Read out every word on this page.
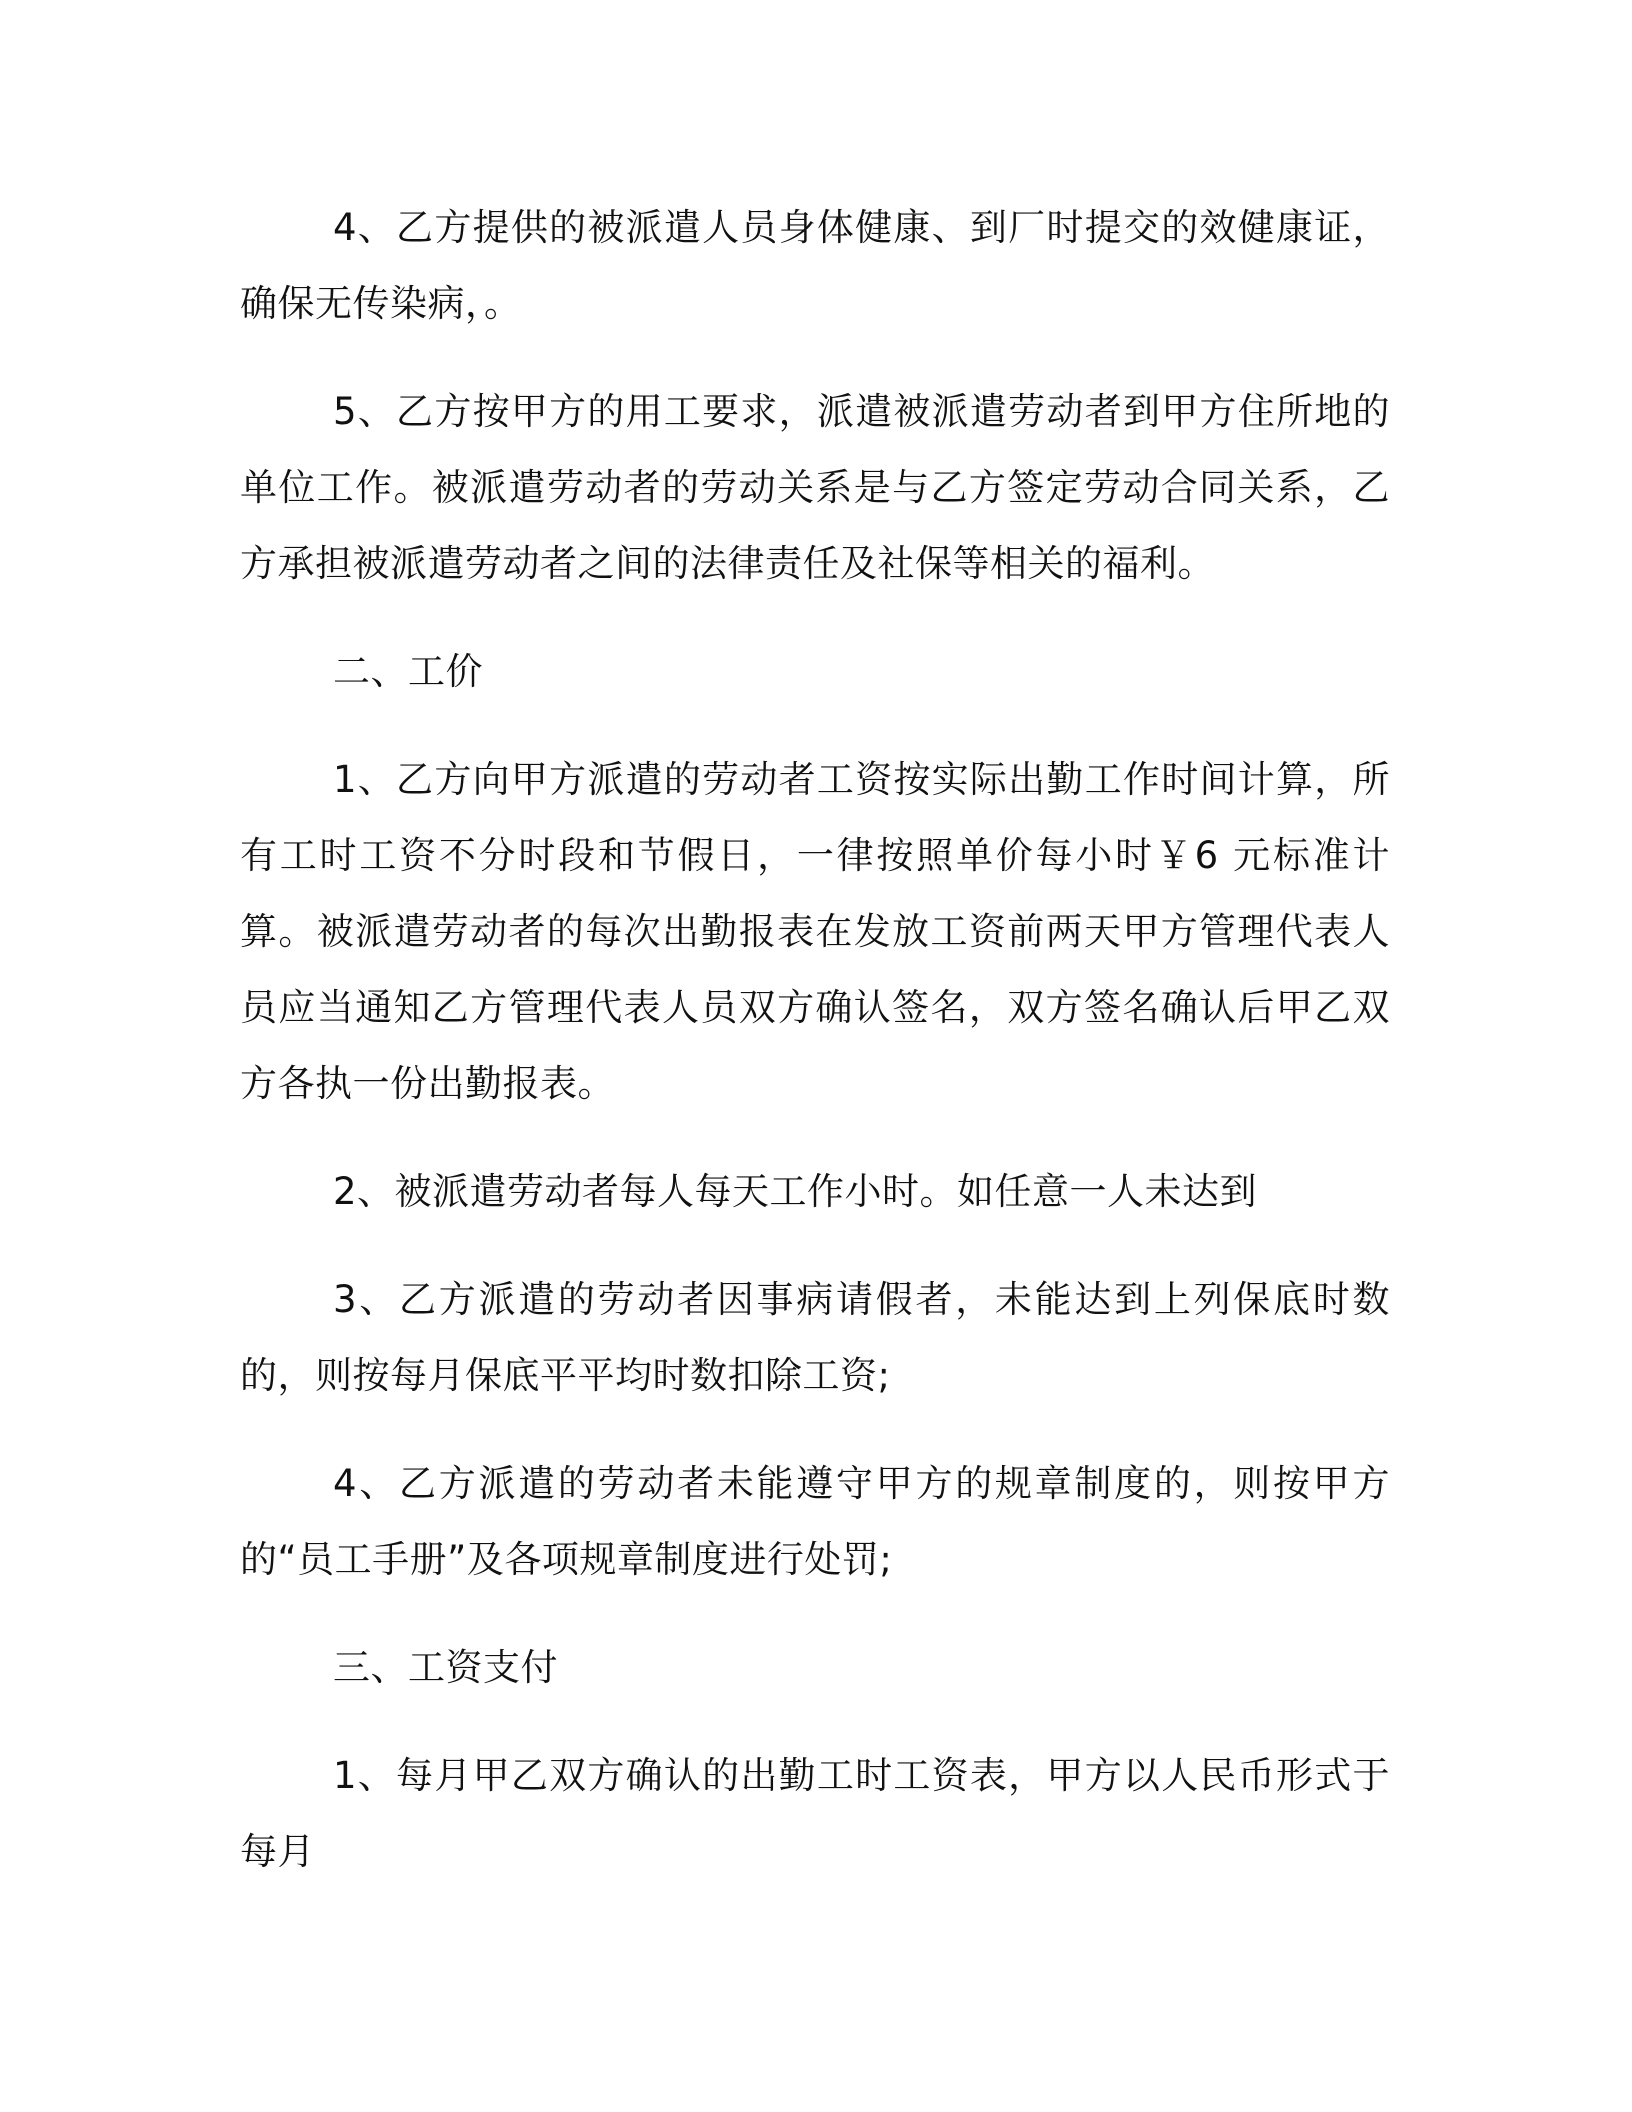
4、乙方提供的被派遣人员身体健康、到厂时提交的效健康证，确保无传染病，。

5、乙方按甲方的用工要求，派遣被派遣劳动者到甲方住所地的单位工作。被派遣劳动者的劳动关系是与乙方签定劳动合同关系，乙方承担被派遣劳动者之间的法律责任及社保等相关的福利。

二、工价

1、乙方向甲方派遣的劳动者工资按实际出勤工作时间计算，所有工时工资不分时段和节假日，一律按照单价每小时￥6 元标准计算。被派遣劳动者的每次出勤报表在发放工资前两天甲方管理代表人员应当通知乙方管理代表人员双方确认签名，双方签名确认后甲乙双方各执一份出勤报表。

2、被派遣劳动者每人每天工作小时。如任意一人未达到

3、乙方派遣的劳动者因事病请假者，未能达到上列保底时数的，则按每月保底平平均时数扣除工资;

4、乙方派遣的劳动者未能遵守甲方的规章制度的，则按甲方的“员工手册”及各项规章制度进行处罚;

三、工资支付

1、每月甲乙双方确认的出勤工时工资表，甲方以人民币形式于每月
